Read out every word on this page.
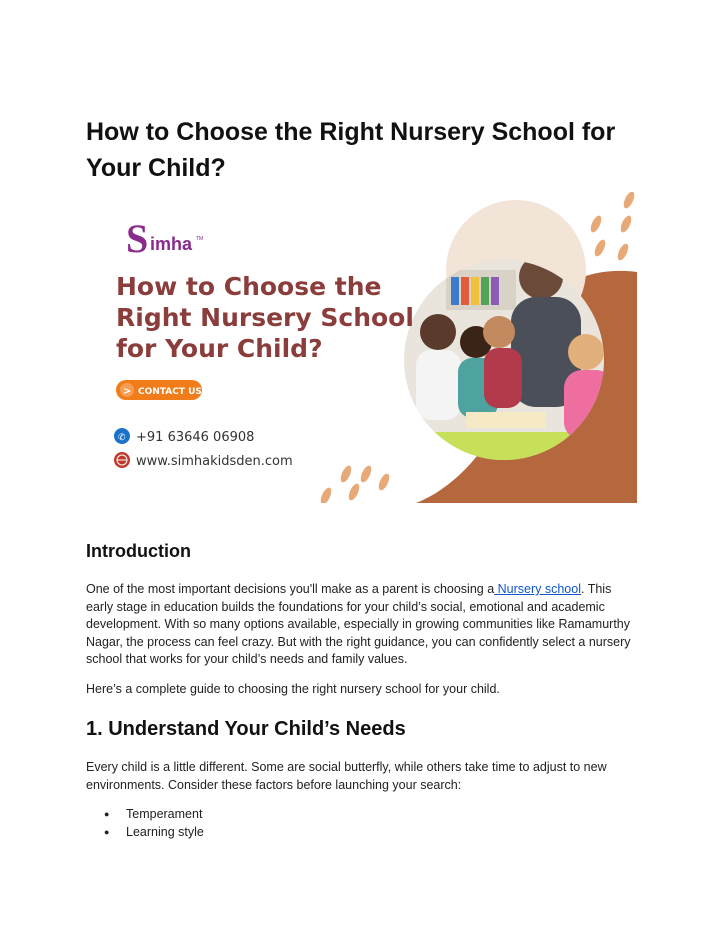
How to Choose the Right Nursery School for Your Child?
S imha TM
How to Choose the
Right Nursery School
for Your Child?
> CONTACT US
✆ +91 63646 06908
www.simhakidsden.com
Introduction

One of the most important decisions you'll make as a parent is choosing a Nursery school. This early stage in education builds the foundations for your child’s social, emotional and academic development. With so many options available, especially in growing communities like Ramamurthy Nagar, the process can feel crazy. But with the right guidance, you can confidently select a nursery school that works for your child’s needs and family values.

Here’s a complete guide to choosing the right nursery school for your child.

1. Understand Your Child’s Needs

Every child is a little different. Some are social butterfly, while others take time to adjust to new environments. Consider these factors before launching your search:

● Temperament
● Learning style
